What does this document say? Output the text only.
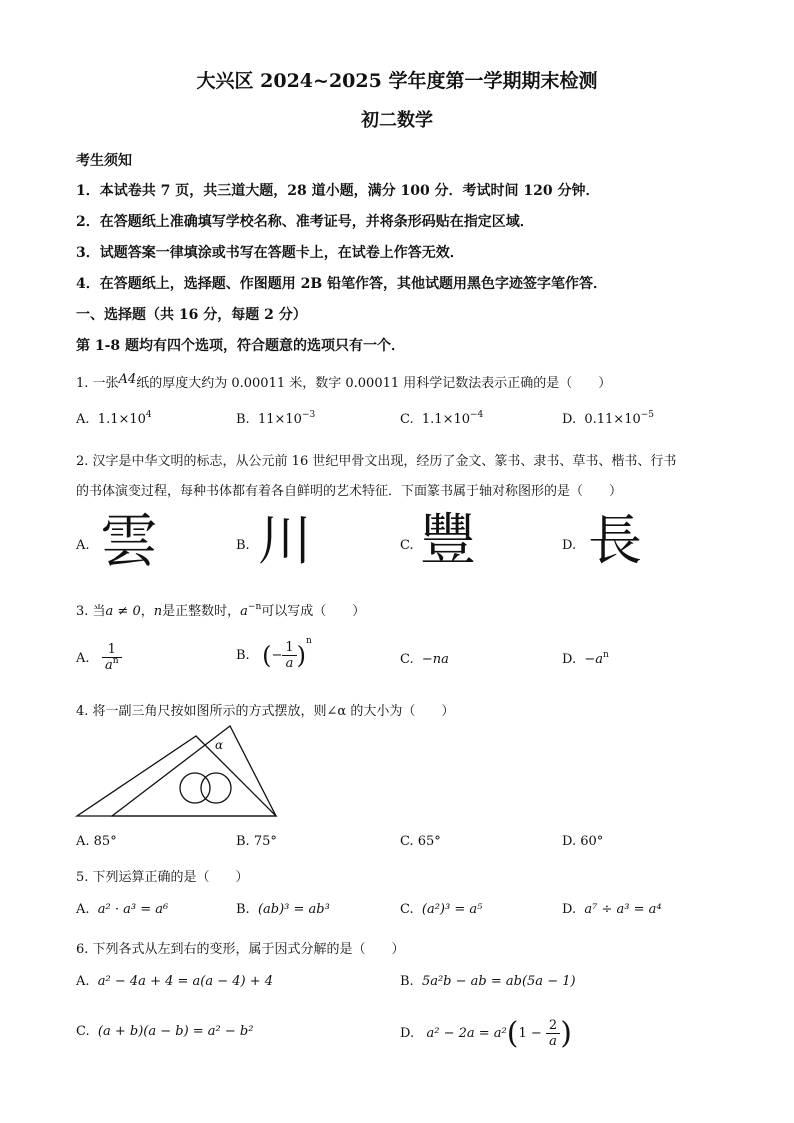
大兴区 2024~2025 学年度第一学期期末检测
初二数学
考生须知
1．本试卷共 7 页，共三道大题，28 道小题，满分 100 分．考试时间 120 分钟．
2．在答题纸上准确填写学校名称、准考证号，并将条形码贴在指定区域．
3．试题答案一律填涂或书写在答题卡上，在试卷上作答无效．
4．在答题纸上，选择题、作图题用 2B 铅笔作答，其他试题用黑色字迹签字笔作答．
一、选择题（共 16 分，每题 2 分）
第 1-8 题均有四个选项，符合题意的选项只有一个．
1. 一张A4纸的厚度大约为 0.00011 米，数字 0.00011 用科学记数法表示正确的是（　　）
A. $1.1\times 10^4$	B. $11\times 10^{-3}$	C. $1.1\times 10^{-4}$	D. $0.11\times 10^{-5}$
2. 汉字是中华文明的标志，从公元前 16 世纪甲骨文出现，经历了金文、篆书、隶书、草书、楷书、行书
的书体演变过程，每种书体都有着各自鲜明的艺术特征．下面篆书属于轴对称图形的是（　　）
A. 雲	B. 川	C. 豐	D. 長
3. 当a ≠ 0，n是正整数时，$a^{-n}$可以写成（　　）
A. $\frac{1}{a^n}$	B. (− $\frac{1}{a} )^n$
C. −na	D. $-a^n$
4. 将一副三角尺按如图所示的方式摆放，则∠α 的大小为（　　）
α
A. 85°	B. 75°	C. 65°	D. 60°
5. 下列运算正确的是（　　）
A. a² · a³ = a⁶	B. (ab)³ = ab³	C. (a²)³ = a⁵	D. a⁷ ÷ a³ = a⁴
6. 下列各式从左到右的变形，属于因式分解的是（　　）
A. a² − 4a + 4 = a(a − 4) + 4	B. 5a²b − ab = ab(5a − 1)
C. (a + b)(a − b) = a² − b²	D. $a^2 - 2a = a^2(1 - \frac{2}{a}$ )
